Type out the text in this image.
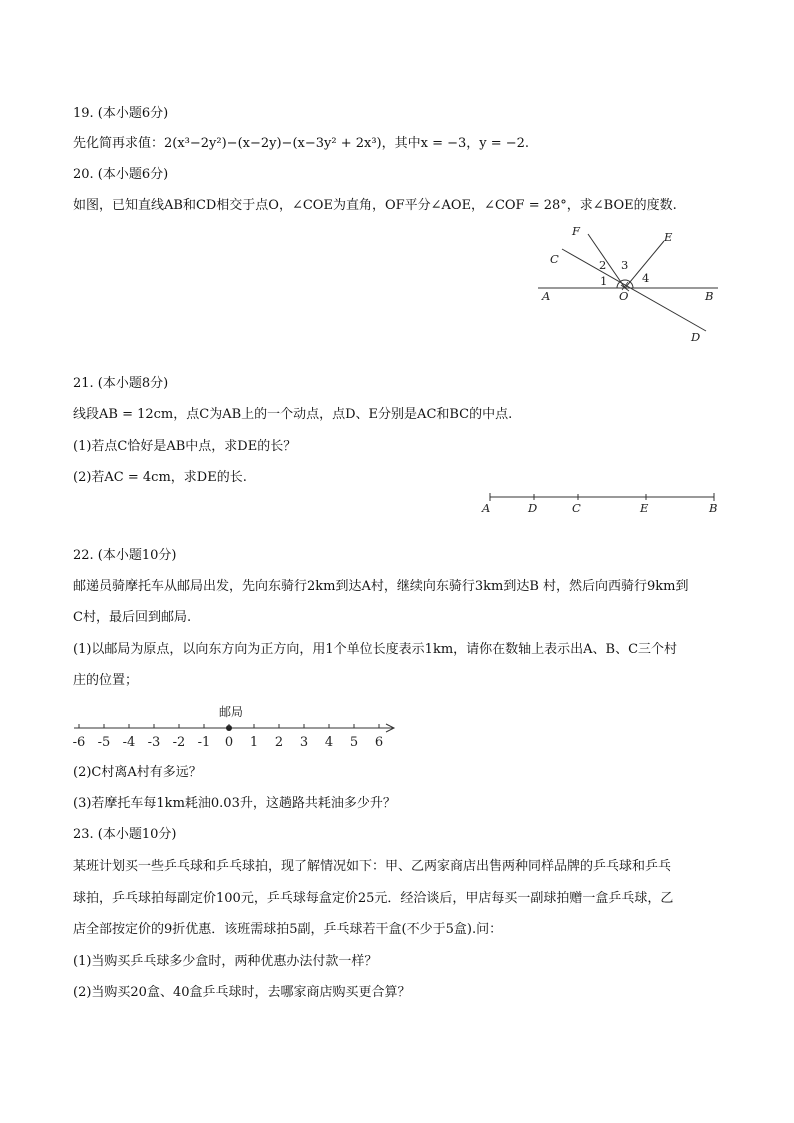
19. (本小题6分)
先化简再求值：2(x³−2y²)−(x−2y)−(x−3y² + 2x³)，其中x = −3，y = −2.
20. (本小题6分)
如图，已知直线AB和CD相交于点O，∠COE为直角，OF平分∠AOE，∠COF = 28°，求∠BOE的度数.
F	E
C
A	O	B
D
1
2 3
4
21. (本小题8分)
线段AB = 12cm，点C为AB上的一个动点，点D、E分别是AC和BC的中点.
(1)若点C恰好是AB中点，求DE的长？
(2)若AC = 4cm，求DE的长.
A	D	C	E	B
22. (本小题10分)
邮递员骑摩托车从邮局出发，先向东骑行2km到达A村，继续向东骑行3km到达B 村，然后向西骑行9km到
C村，最后回到邮局.
(1)以邮局为原点，以向东方向为正方向，用1个单位长度表示1km，请你在数轴上表示出A、B、C三个村
庄的位置；
邮局
-6 -5 -4 -3 -2 -1 0 1 2 3 4 5 6
(2)C村离A村有多远？
(3)若摩托车每1km耗油0.03升，这趟路共耗油多少升？
23. (本小题10分)
某班计划买一些乒乓球和乒乓球拍，现了解情况如下：甲、乙两家商店出售两种同样品牌的乒乓球和乒乓
球拍，乒乓球拍每副定价100元，乒乓球每盒定价25元．经洽谈后，甲店每买一副球拍赠一盒乒乓球，乙
店全部按定价的9折优惠．该班需球拍5副，乒乓球若干盒(不少于5盒).问：
(1)当购买乒乓球多少盒时，两种优惠办法付款一样？
(2)当购买20盒、40盒乒乓球时，去哪家商店购买更合算？
